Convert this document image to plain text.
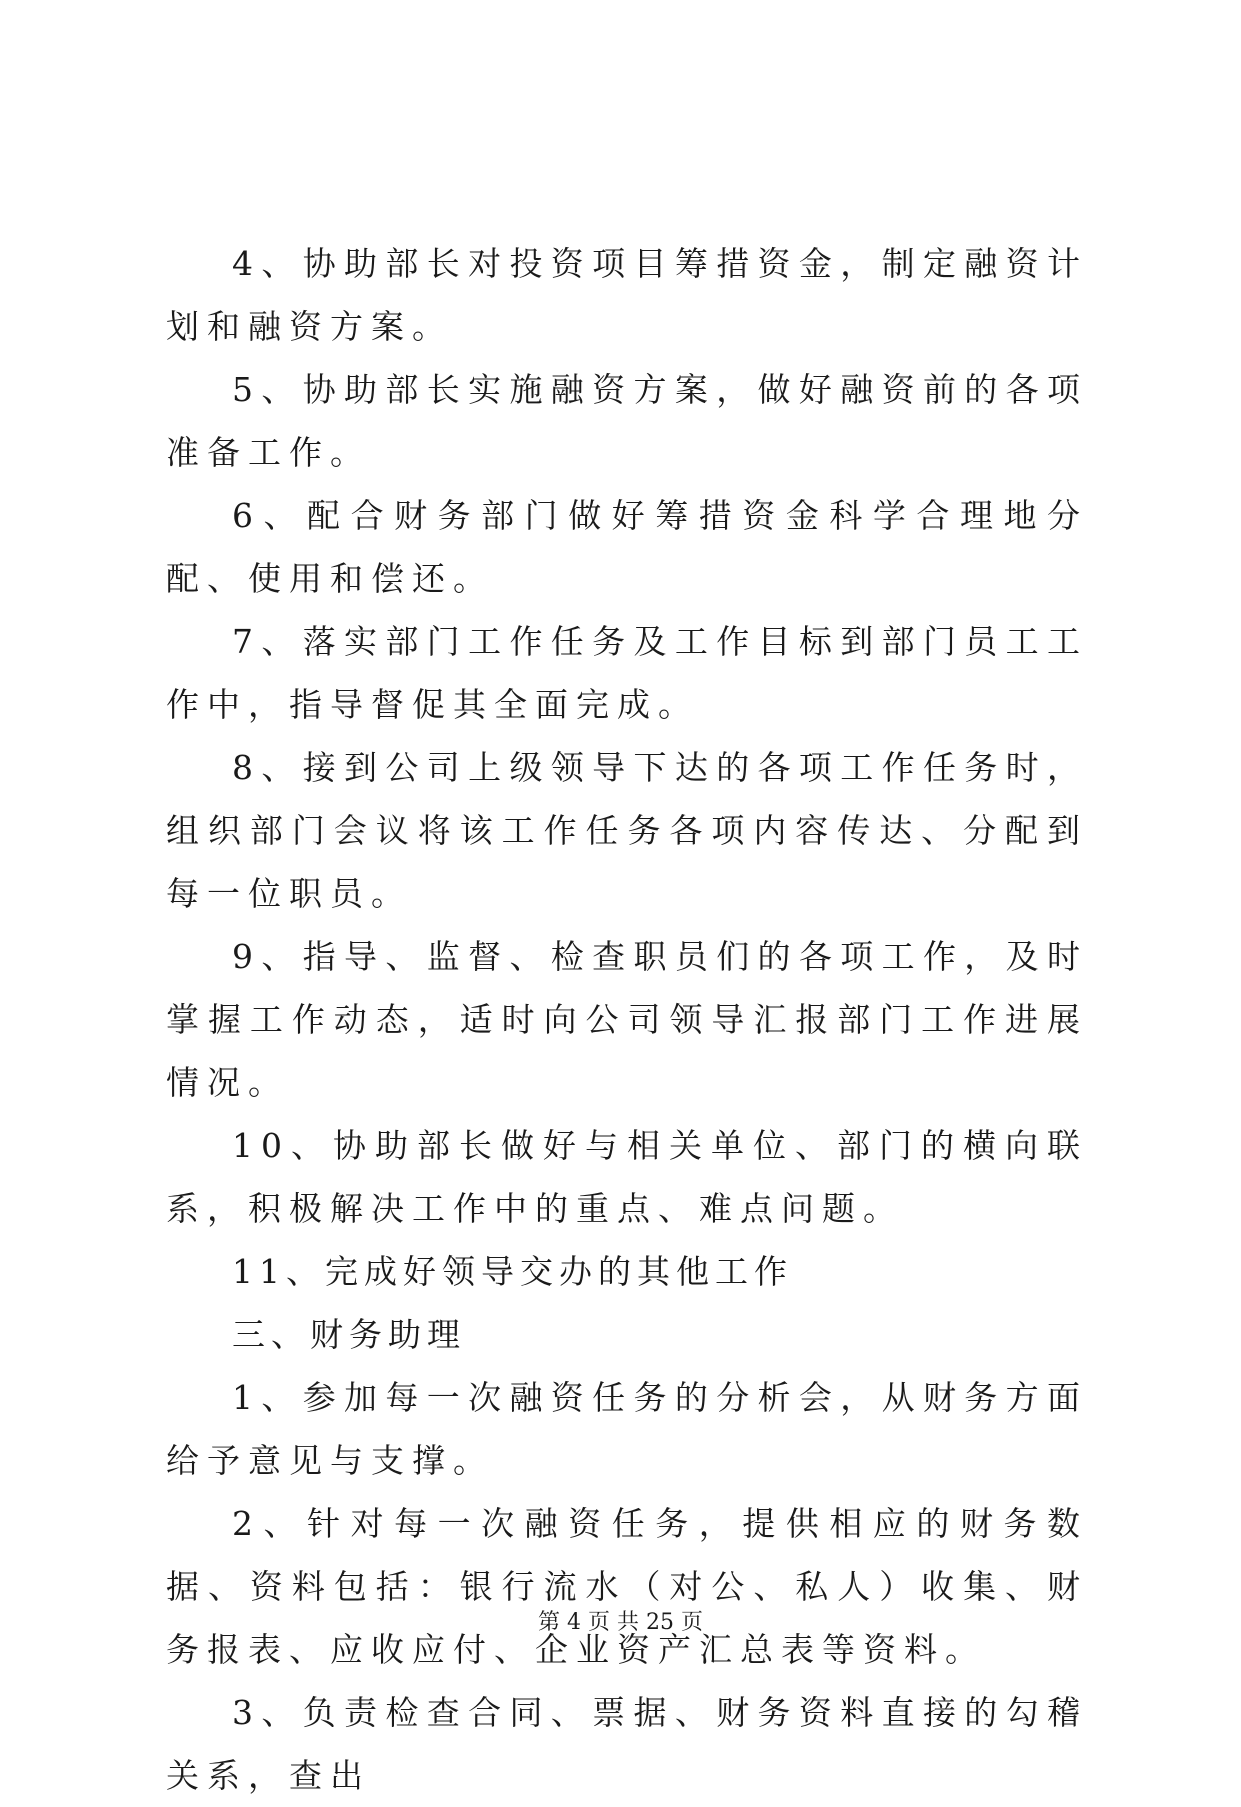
4、协助部长对投资项目筹措资金，制定融资计划和融资方案。

5、协助部长实施融资方案，做好融资前的各项准备工作。

6、配合财务部门做好筹措资金科学合理地分配、使用和偿还。

7、落实部门工作任务及工作目标到部门员工工作中，指导督促其全面完成。

8、接到公司上级领导下达的各项工作任务时，组织部门会议将该工作任务各项内容传达、分配到每一位职员。

9、指导、监督、检查职员们的各项工作，及时掌握工作动态，适时向公司领导汇报部门工作进展情况。

10、协助部长做好与相关单位、部门的横向联系，积极解决工作中的重点、难点问题。

11、完成好领导交办的其他工作

三、财务助理

1、参加每一次融资任务的分析会，从财务方面给予意见与支撑。

2、针对每一次融资任务，提供相应的财务数据、资料包括：银行流水（对公、私人）收集、财务报表、应收应付、企业资产汇总表等资料。

3、负责检查合同、票据、财务资料直接的勾稽关系，查出

第 4 页 共 25 页
